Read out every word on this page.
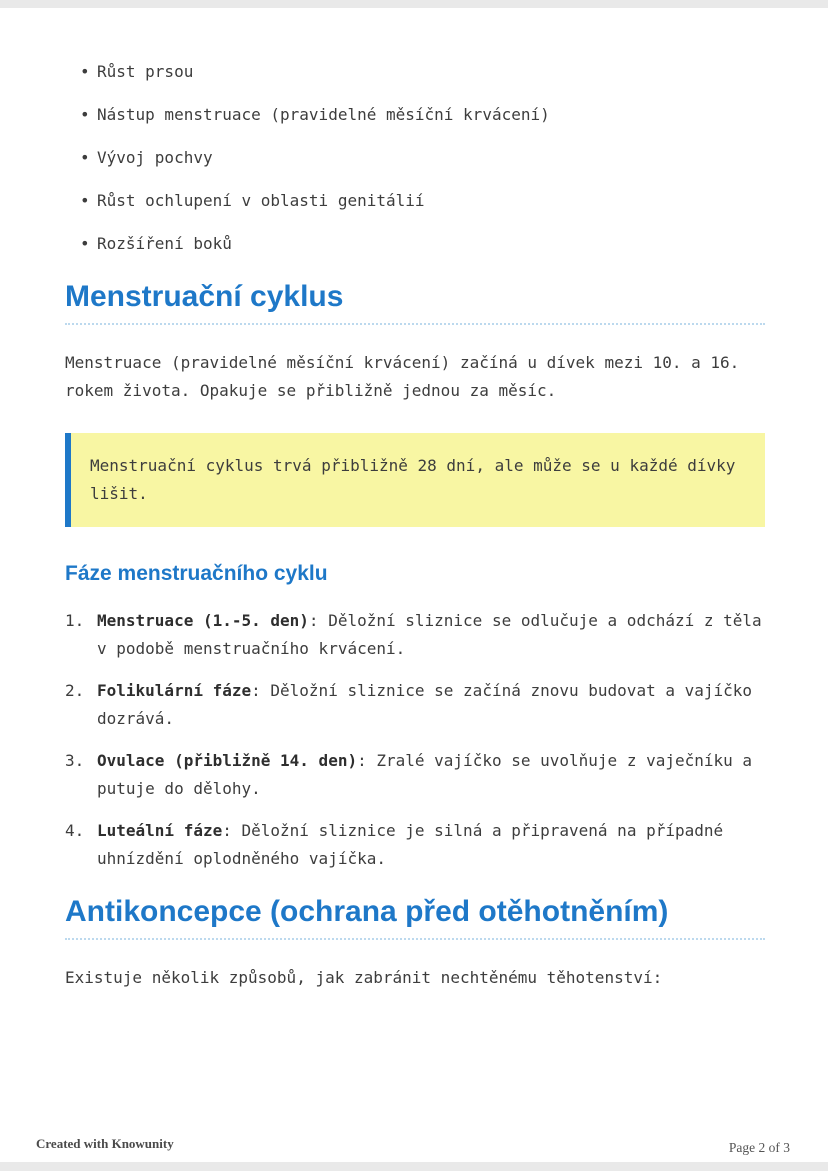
• Růst prsou
• Nástup menstruace (pravidelné měsíční krvácení)
• Vývoj pochvy
• Růst ochlupení v oblasti genitálií
• Rozšíření boků
Menstruační cyklus

Menstruace (pravidelné měsíční krvácení) začíná u dívek mezi 10. a 16. rokem života. Opakuje se přibližně jednou za měsíc.

Menstruační cyklus trvá přibližně 28 dní, ale může se u každé dívky lišit.
Fáze menstruačního cyklu
1. Menstruace (1.-5. den): Děložní sliznice se odlučuje a odchází z těla v podobě menstruačního krvácení.
2. Folikulární fáze: Děložní sliznice se začíná znovu budovat a vajíčko dozrává.
3. Ovulace (přibližně 14. den): Zralé vajíčko se uvolňuje z vaječníku a putuje do dělohy.
4. Luteální fáze: Děložní sliznice je silná a připravená na případné uhnízdění oplodněného vajíčka.
Antikoncepce (ochrana před otěhotněním)

Existuje několik způsobů, jak zabránit nechtěnému těhotenství:

Created with Knowunity	Page 2 of 3
